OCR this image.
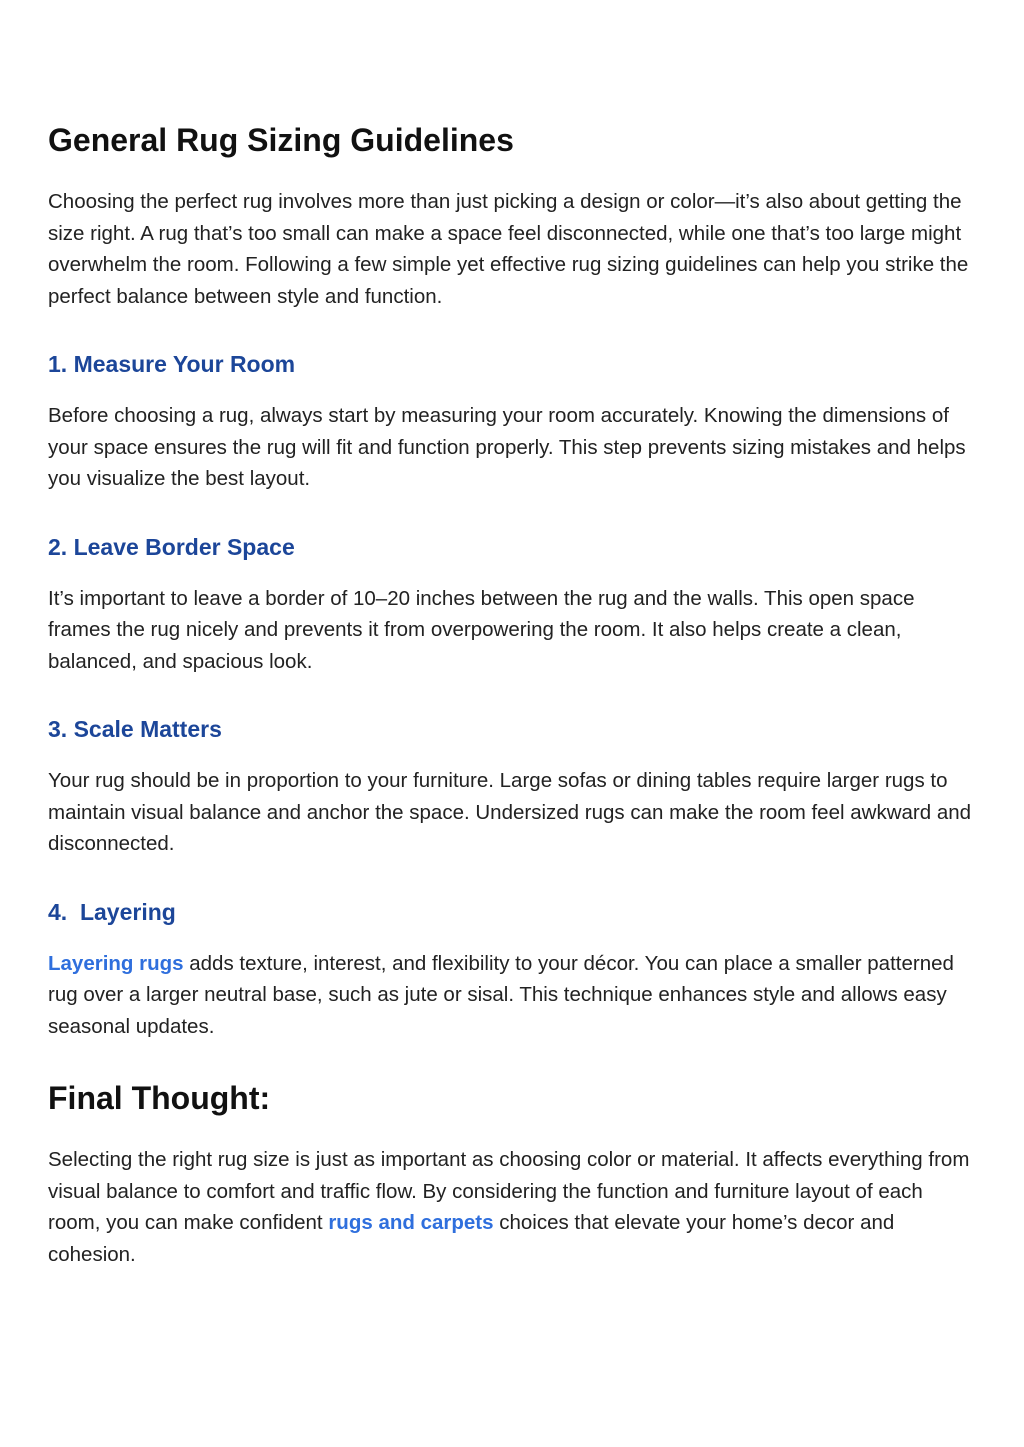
General Rug Sizing Guidelines

Choosing the perfect rug involves more than just picking a design or color—it’s also about getting the size right. A rug that’s too small can make a space feel disconnected, while one that’s too large might overwhelm the room. Following a few simple yet effective rug sizing guidelines can help you strike the perfect balance between style and function.

1. Measure Your Room

Before choosing a rug, always start by measuring your room accurately. Knowing the dimensions of your space ensures the rug will fit and function properly. This step prevents sizing mistakes and helps you visualize the best layout.

2. Leave Border Space

It’s important to leave a border of 10–20 inches between the rug and the walls. This open space frames the rug nicely and prevents it from overpowering the room. It also helps create a clean, balanced, and spacious look.

3. Scale Matters

Your rug should be in proportion to your furniture. Large sofas or dining tables require larger rugs to maintain visual balance and anchor the space. Undersized rugs can make the room feel awkward and disconnected.

4.  Layering

Layering rugs adds texture, interest, and flexibility to your décor. You can place a smaller patterned rug over a larger neutral base, such as jute or sisal. This technique enhances style and allows easy seasonal updates.

Final Thought:

Selecting the right rug size is just as important as choosing color or material. It affects everything from visual balance to comfort and traffic flow. By considering the function and furniture layout of each room, you can make confident rugs and carpets choices that elevate your home’s decor and cohesion.
